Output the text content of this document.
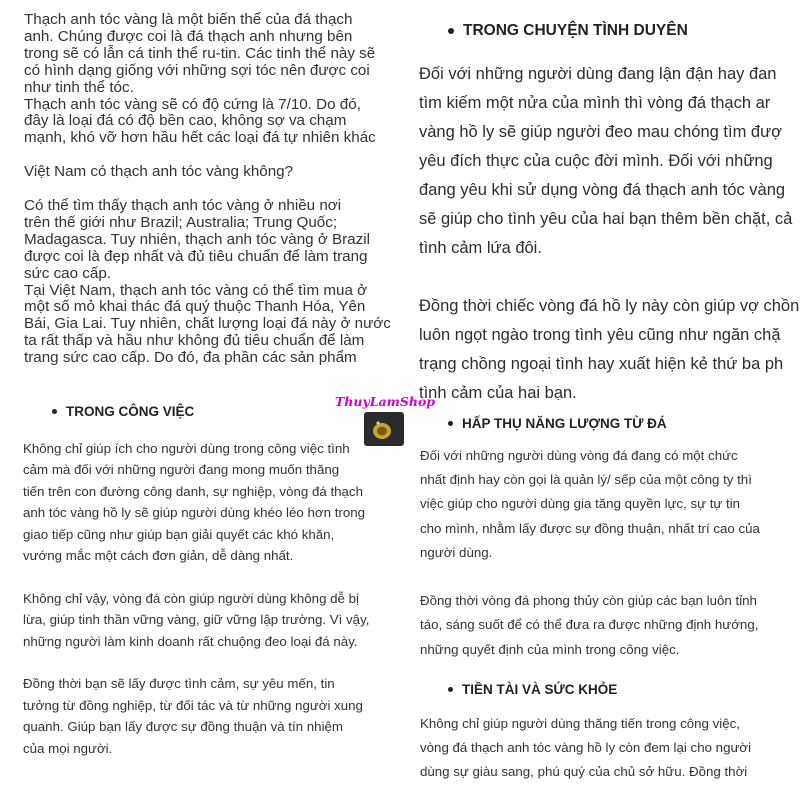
Thạch anh tóc vàng là một biến thể của đá thạch
anh. Chúng được coi là đá thạch anh nhưng bên
trong sẽ có lẫn cá tinh thể ru-tin. Các tinh thể này sẽ
có hình dạng giống với những sợi tóc nên được coi
như tinh thể tóc.
Thạch anh tóc vàng sẽ có độ cứng là 7/10. Do đó,
đây là loại đá có độ bền cao, không sợ va chạm
mạnh, khó vỡ hơn hầu hết các loại đá tự nhiên khác

Việt Nam có thạch anh tóc vàng không?

Có thể tìm thấy thạch anh tóc vàng ở nhiều nơi
trên thế giới như Brazil; Australia; Trung Quốc;
Madagasca. Tuy nhiên, thạch anh tóc vàng ở Brazil
được coi là đẹp nhất và đủ tiêu chuẩn để làm trang
sức cao cấp.
Tại Việt Nam, thạch anh tóc vàng có thể tìm mua ở
một số mỏ khai thác đá quý thuộc Thanh Hóa, Yên
Bái, Gia Lai. Tuy nhiên, chất lượng loại đá này ở nước
ta rất thấp và hầu như không đủ tiêu chuẩn để làm
trang sức cao cấp. Do đó, đa phần các sản phẩm
TRONG CHUYỆN TÌNH DUYÊN
Đối với những người dùng đang lận đận hay đan
tìm kiếm một nửa của mình thì vòng đá thạch ar
vàng hồ ly sẽ giúp người đeo mau chóng tìm đượ
yêu đích thực của cuộc đời mình. Đối với những
đang yêu khi sử dụng vòng đá thạch anh tóc vàng
sẽ giúp cho tình yêu của hai bạn thêm bền chặt, cả
tình cảm lứa đôi.

Đồng thời chiếc vòng đá hồ ly này còn giúp vợ chồn
luôn ngọt ngào trong tình yêu cũng như ngăn chặ
trạng chồng ngoại tình hay xuất hiện kẻ thứ ba ph
tình cảm của hai bạn.
TRONG CÔNG VIỆC
Không chỉ giúp ích cho người dùng trong công việc tình
cảm mà đối với những người đang mong muốn thăng
tiến trên con đường công danh, sự nghiệp, vòng đá thạch
anh tóc vàng hồ ly sẽ giúp người dùng khéo léo hơn trong
giao tiếp cũng như giúp bạn giải quyết các khó khăn,
vướng mắc một cách đơn giản, dễ dàng nhất.

Không chỉ vậy, vòng đá còn giúp người dùng không dễ bị
lừa, giúp tinh thần vững vàng, giữ vững lập trường. Vì vậy,
những người làm kinh doanh rất chuộng đeo loại đá này.

Đồng thời bạn sẽ lấy được tình cảm, sự yêu mến, tin
tưởng từ đồng nghiệp, từ đối tác và từ những người xung
quanh. Giúp bạn lấy được sự đồng thuận và tín nhiệm
của mọi người.
HẤP THỤ NĂNG LƯỢNG TỪ ĐÁ
Đối với những người dùng vòng đá đang có một chức
nhất định hay còn gọi là quản lý/ sếp của một công ty thì
việc giúp cho người dùng gia tăng quyền lực, sự tự tin
cho mình, nhằm lấy được sự đồng thuận, nhất trí cao của
người dùng.

Đồng thời vòng đá phong thủy còn giúp các bạn luôn tỉnh
táo, sáng suốt để có thể đưa ra được những định hướng,
những quyết định của mình trong công việc.
TIỀN TÀI VÀ SỨC KHỎE
Không chỉ giúp người dùng thăng tiến trong công việc,
vòng đá thạch anh tóc vàng hồ ly còn đem lại cho người
dùng sự giàu sang, phú quý của chủ sở hữu. Đồng thời
ThuyLamShop
